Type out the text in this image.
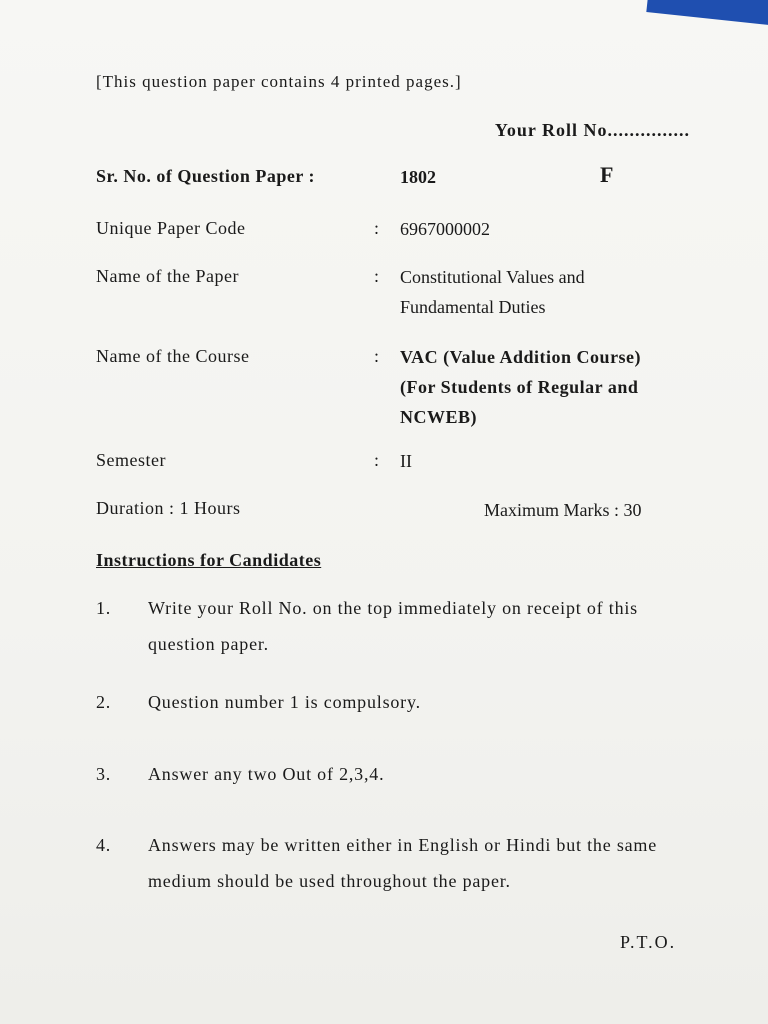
[This question paper contains 4 printed pages.]
Your Roll No...............
Sr. No. of Question Paper :	1802	F
Unique Paper Code	: 6967000002
Name of the Paper	: Constitutional Values and Fundamental Duties
Name of the Course	: VAC (Value Addition Course) (For Students of Regular and NCWEB)
Semester	: II
Duration : 1 Hours	Maximum Marks : 30
Instructions for Candidates
1. Write your Roll No. on the top immediately on receipt of this question paper.
2. Question number 1 is compulsory.
3. Answer any two Out of 2,3,4.
4. Answers may be written either in English or Hindi but the same medium should be used throughout the paper.
P.T.O.
